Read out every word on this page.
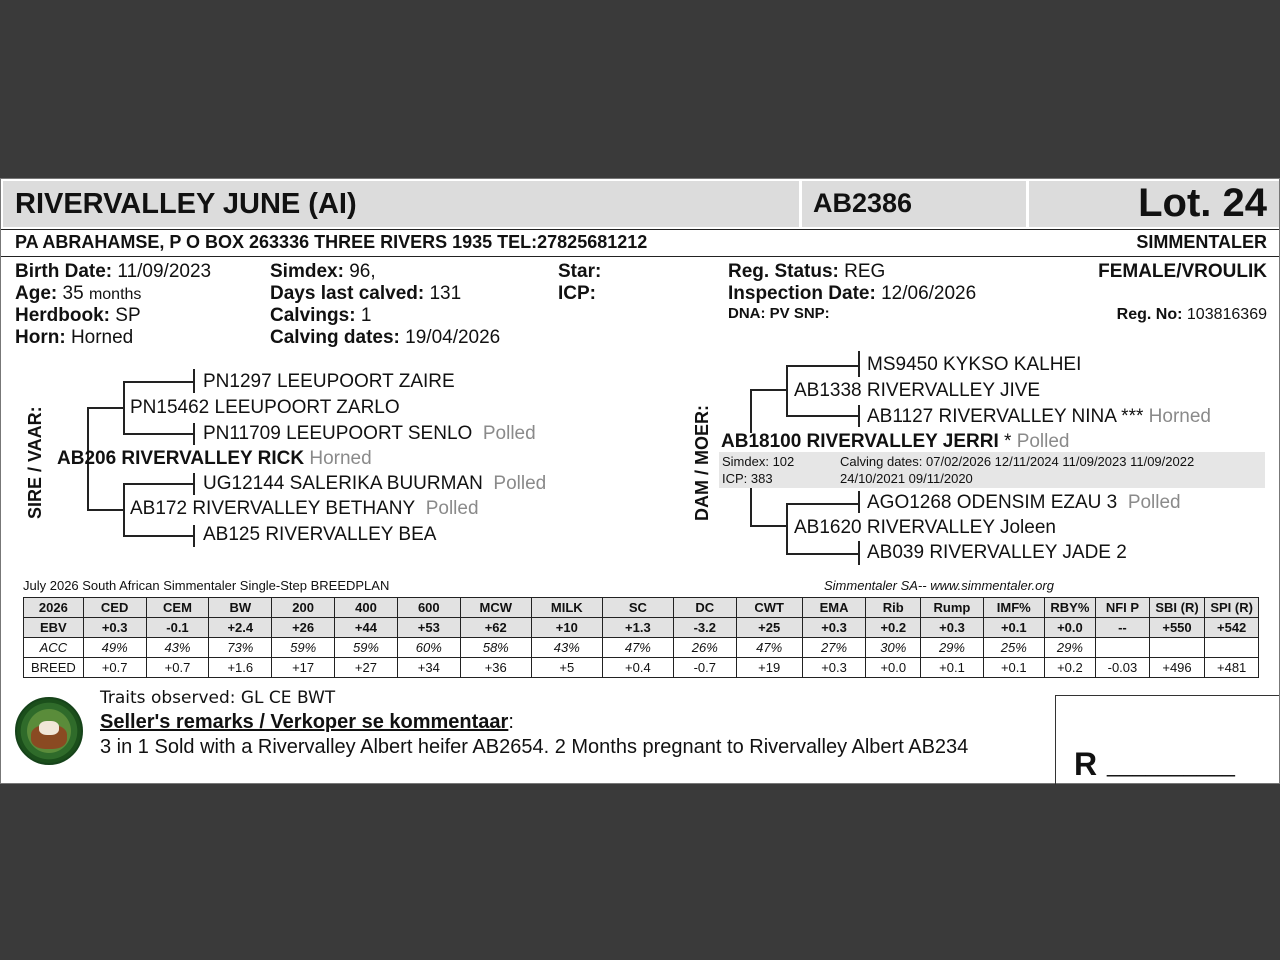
RIVERVALLEY JUNE (AI)	AB2386	Lot. 24
PA ABRAHAMSE, P O BOX 263336 THREE RIVERS 1935 TEL:27825681212	SIMMENTALER
Birth Date: 11/09/2023
Age: 35 months
Herdbook: SP
Horn: Horned
Simdex: 96,
Days last calved: 131
Calvings: 1
Calving dates: 19/04/2026
Star:
ICP:
Reg. Status: REG
Inspection Date: 12/06/2026
DNA: PV SNP:
FEMALE/VROULIK
Reg. No: 103816369
SIRE / VAAR:
PN1297 LEEUPOORT ZAIRE
PN15462 LEEUPOORT ZARLO
PN11709 LEEUPOORT SENLO Polled
AB206 RIVERVALLEY RICK Horned
UG12144 SALERIKA BUURMAN Polled
AB172 RIVERVALLEY BETHANY Polled
AB125 RIVERVALLEY BEA
DAM / MOER:
MS9450 KYKSO KALHEI
AB1338 RIVERVALLEY JIVE
AB1127 RIVERVALLEY NINA *** Horned
AB18100 RIVERVALLEY JERRI * Polled
Simdex: 102
ICP: 383
Calving dates: 07/02/2026 12/11/2024 11/09/2023 11/09/2022
24/10/2021 09/11/2020
AGO1268 ODENSIM EZAU 3 Polled
AB1620 RIVERVALLEY Joleen
AB039 RIVERVALLEY JADE 2
July 2026 South African Simmentaler Single-Step BREEDPLAN	Simmentaler SA-- www.simmentaler.org
2026	CED	CEM	BW	200	400	600	MCW	MILK	SC	DC	CWT	EMA	Rib	Rump	IMF%	RBY%	NFI P	SBI (R)	SPI (R)
EBV	+0.3	-0.1	+2.4	+26	+44	+53	+62	+10	+1.3	-3.2	+25	+0.3	+0.2	+0.3	+0.1	+0.0	--	+550	+542
ACC	49%	43%	73%	59%	59%	60%	58%	43%	47%	26%	47%	27%	30%	29%	25%	29%			
BREED	+0.7	+0.7	+1.6	+17	+27	+34	+36	+5	+0.4	-0.7	+19	+0.3	+0.0	+0.1	+0.1	+0.2	-0.03	+496	+481
Traits observed: GL CE BWT
Seller's remarks / Verkoper se kommentaar:
3 in 1 Sold with a Rivervalley Albert heifer AB2654. 2 Months pregnant to Rivervalley Albert AB234	R __________
